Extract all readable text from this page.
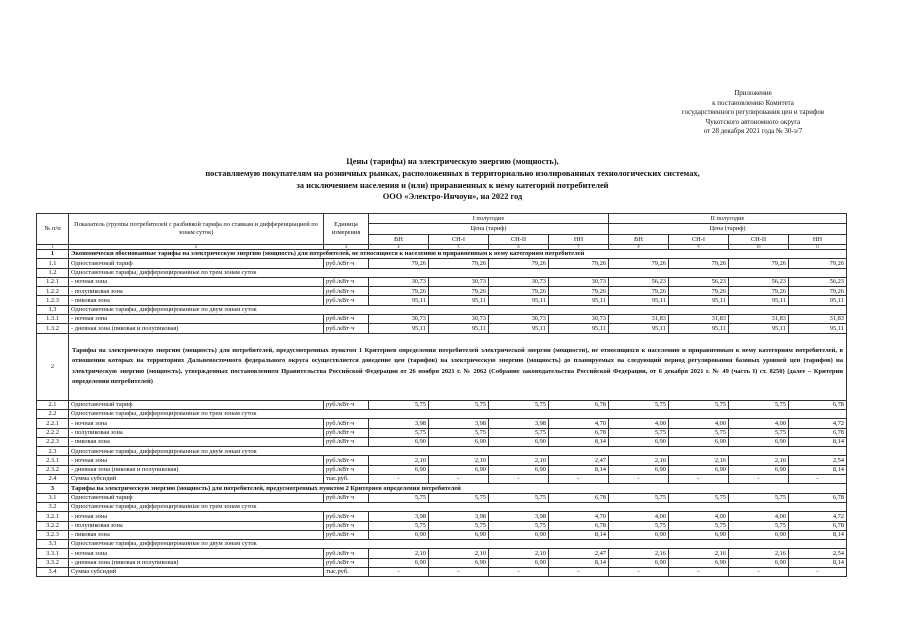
Приложение
к постановлению Комитета
государственного регулирования цен и тарифов
Чукотского автономного округа
от 28 декабря 2021 года № 30-э/7
Цены (тарифы) на электрическую энергию (мощность),
поставляемую покупателям на розничных рынках, расположенных в территориально изолированных технологических системах,
за исключением населения и (или) приравненных к нему категорий потребителей
ООО «Электро-Инчоун», на 2022 год
№ п/п	Показатель (группы потребителей с разбивкой тарифа по ставкам и дифференциацией по зонам суток)	Единица измерения	I полугодие				II полугодие			
			Цена (тариф)				Цена (тариф)			
			ВН	СН-I	СН-II	НН	ВН	СН-I	СН-II	НН
1	2	3	4	5	6	7	8	9	10	11
1	Экономически обоснованные тарифы на электрическую энергию (мощность) для потребителей, не относящиеся к населению и приравненным к нему категориям потребителей									
1.1	Одноставочный тариф	руб./кВт·ч	79,26	79,26	79,26	79,26	79,26	79,26	79,26	79,26
1.2	Одноставочные тарифы, дифференцированные по трем зонам суток									
1.2.1	- ночная зона	руб./кВт·ч	30,73	30,73	30,73	30,73	56,23	56,23	56,23	56,23
1.2.2	- полупиковая зона	руб./кВт·ч	79,26	79,26	79,26	79,26	79,26	79,26	79,26	79,26
1.2.3	- пиковая зона	руб./кВт·ч	95,11	95,11	95,11	95,11	95,11	95,11	95,11	95,11
1.3	Одноставочные тарифы, дифференцированные по двум зонам суток									
1.3.1	- ночная зона	руб./кВт·ч	30,73	30,73	30,73	30,73	31,83	31,83	31,83	31,83
1.3.2	- дневная зона (пиковая и полупиковая)	руб./кВт·ч	95,11	95,11	95,11	95,11	95,11	95,11	95,11	95,11
2	Тарифы на электрическую энергию (мощность) для потребителей, предусмотренных пунктом 1 Критериев определения потребителей электрической энергии (мощности), не относящихся к населению и приравненным к нему категориям потребителей, в отношении которых на территориях Дальневосточного федерального округа осуществляется доведение цен (тарифов) на электрическую энергию (мощность) до планируемых на следующий период регулирования базовых уровней цен (тарифов) на электрическую энергию (мощность), утвержденных постановлением Правительства Российской Федерации от 26 ноября 2021 г. № 2062 (Собрание законодательства Российской Федерации, от 6 декабря 2021 г. № 49 (часть I) ст. 8250) (далее – Критерии определения потребителей)									
2.1	Одноставочный тариф	руб./кВт·ч	5,75	5,75	5,75	6,78	5,75	5,75	5,75	6,78
2.2	Одноставочные тарифы, дифференцированные по трем зонам суток									
2.2.1	- ночная зона	руб./кВт·ч	3,98	3,98	3,98	4,70	4,00	4,00	4,00	4,72
2.2.2	- полупиковая зона	руб./кВт·ч	5,75	5,75	5,75	6,78	5,75	5,75	5,75	6,78
2.2.3	- пиковая зона	руб./кВт·ч	6,90	6,90	6,90	8,14	6,90	6,90	6,90	8,14
2.3	Одноставочные тарифы, дифференцированные по двум зонам суток									
2.3.1	- ночная зона	руб./кВт·ч	2,10	2,10	2,10	2,47	2,16	2,16	2,16	2,54
2.3.2	- дневная зона (пиковая и полупиковая)	руб./кВт·ч	6,90	6,90	6,90	8,14	6,90	6,90	6,90	8,14
2.4	Сумма субсидий	тыс.руб.	-	-	-	-	-	-	-	-
3	Тарифы на электрическую энергию (мощность) для потребителей, предусмотренных пунктом 2 Критериев определения потребителей									
3.1	Одноставочный тариф	руб./кВт·ч	5,75	5,75	5,75	6,78	5,75	5,75	5,75	6,78
3.2	Одноставочные тарифы, дифференцированные по трем зонам суток									
3.2.1	- ночная зона	руб./кВт·ч	3,98	3,98	3,98	4,70	4,00	4,00	4,00	4,72
3.2.2	- полупиковая зона	руб./кВт·ч	5,75	5,75	5,75	6,78	5,75	5,75	5,75	6,78
3.2.3	- пиковая зона	руб./кВт·ч	6,90	6,90	6,90	8,14	6,90	6,90	6,90	8,14
3.3	Одноставочные тарифы, дифференцированные по двум зонам суток									
3.3.1	- ночная зона	руб./кВт·ч	2,10	2,10	2,10	2,47	2,16	2,16	2,16	2,54
3.3.2	- дневная зона (пиковая и полупиковая)	руб./кВт·ч	6,90	6,90	6,90	8,14	6,90	6,90	6,90	8,14
3.4	Сумма субсидий	тыс.руб.	-	-	-	-	-	-	-	-
